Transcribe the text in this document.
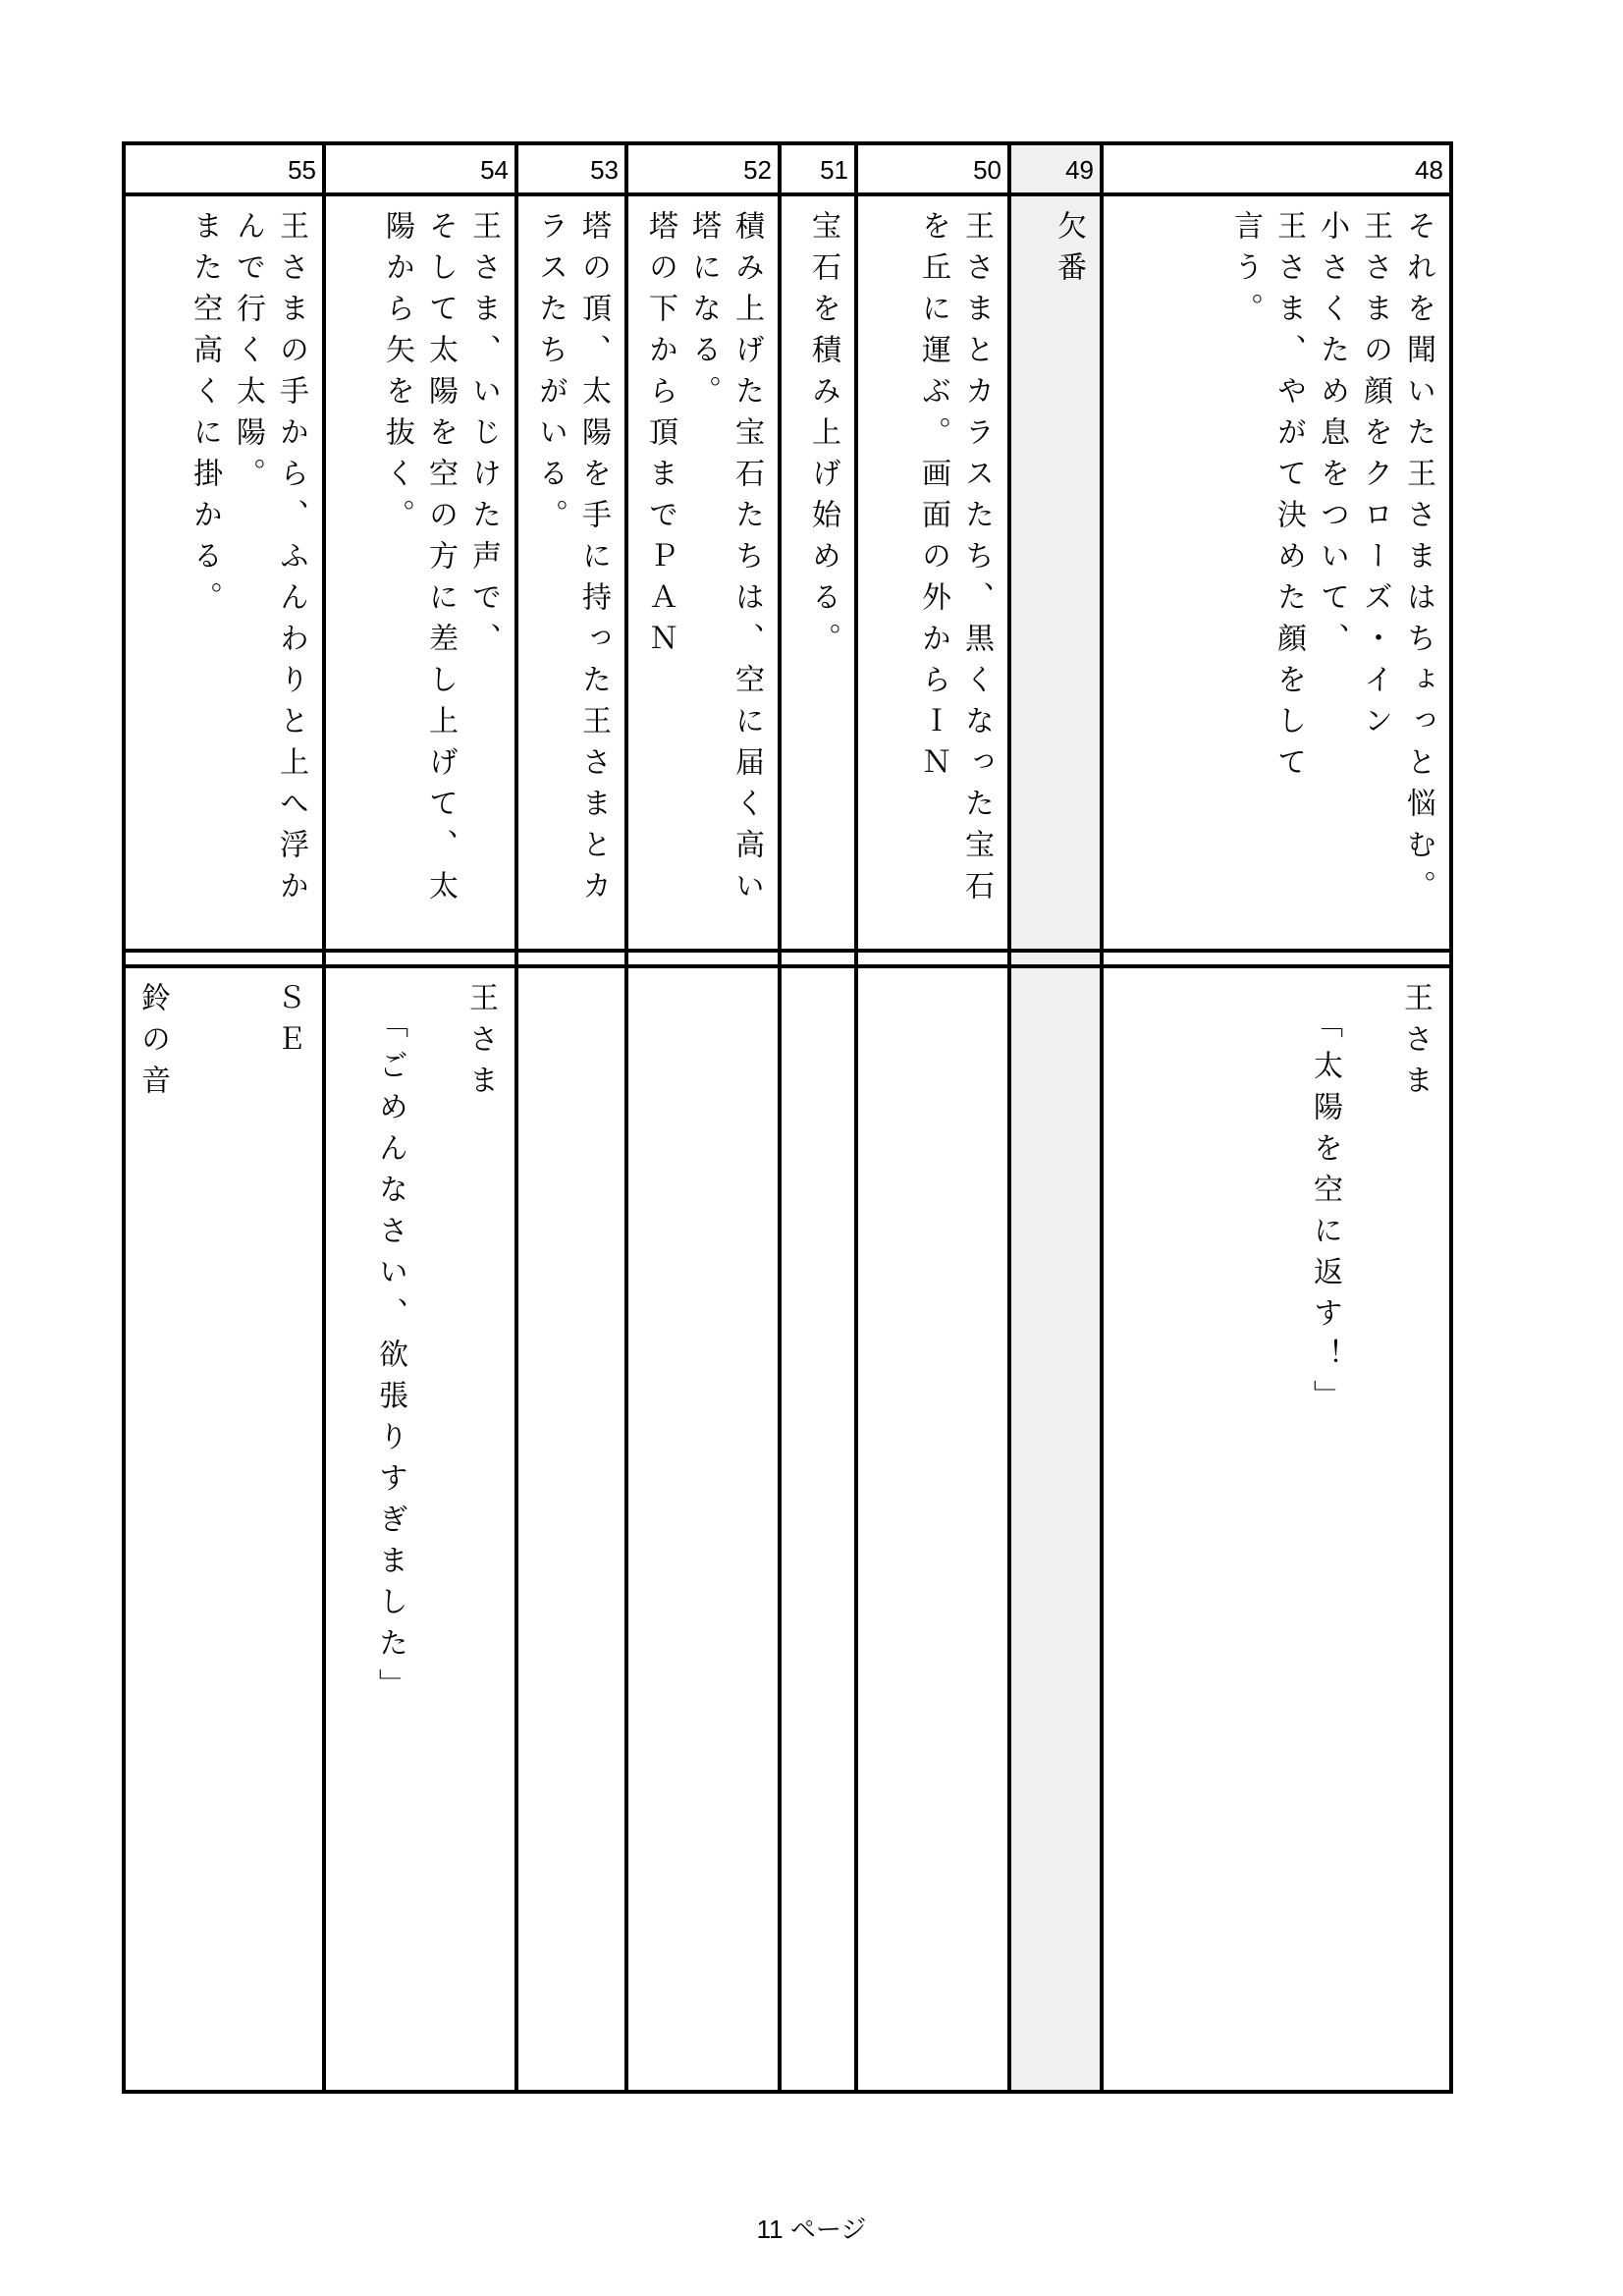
48
それを聞いた王さまはちょっと悩む。
王さまの顔をクローズ・イン
小さくため息をついて、
王さま、やがて決めた顔をして
言う。
王さま

　「太陽を空に返す！」
49
欠番
50
王さまとカラスたち、黒くなった宝石を丘に運ぶ。画面の外からＩＮ
51
宝石を積み上げ始める。
52
積み上げた宝石たちは、空に届く高い塔になる。
塔の下から頂までＰＡＮ
53
塔の頂、太陽を手に持った王さまとカラスたちがいる。
54
王さま、いじけた声で、
そして太陽を空の方に差し上げて、太陽から矢を抜く。
王さま

　「ごめんなさい、欲張りすぎました」
55
王さまの手から、ふんわりと上へ浮かんで行く太陽。
また空高くに掛かる。
ＳＥ

鈴の音
11 ページ
